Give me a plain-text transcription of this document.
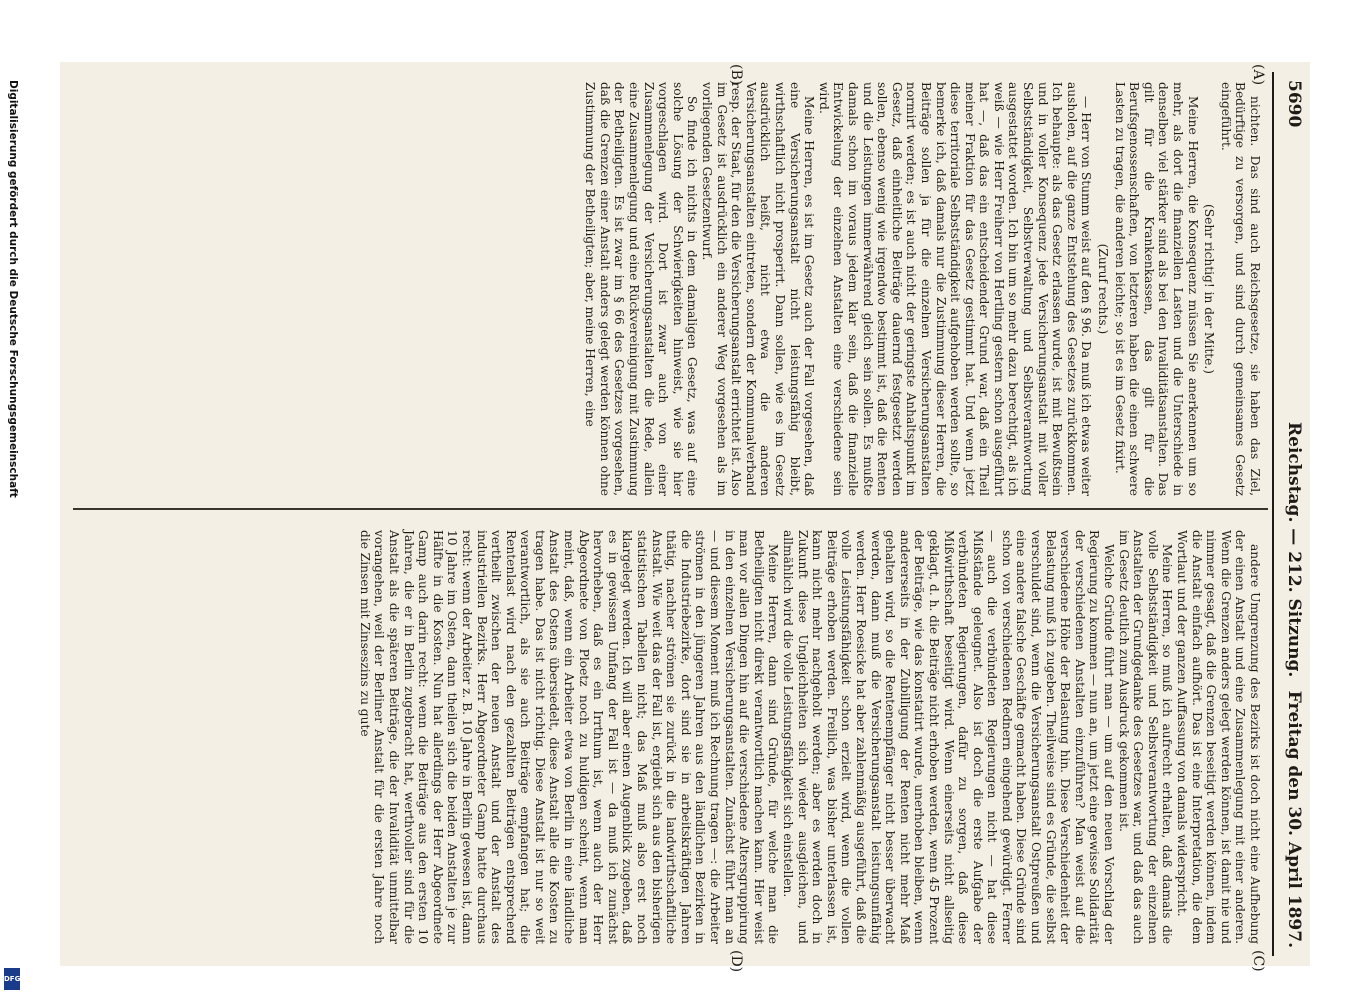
Digitalisierung gefördert durch die Deutsche Forschungsgemeinschaft
DFG
5690
Reichstag. — 212. Sitzung.
Freitag den 30. April 1897.
(A)
(B)
(C)
(D)

nichten. Das sind auch Reichsgesetze, sie haben das Ziel, Bedürftige zu versorgen, und sind durch gemeinsames Gesetz eingeführt.

(Sehr richtig! in der Mitte.)

Meine Herren, die Konsequenz müssen Sie anerkennen um so mehr, als dort die finanziellen Lasten und die Unterschiede in denselben viel stärker sind als bei den Invaliditätsanstalten. Das gilt für die Krankenkassen, das gilt für die Berufsgenossenschaften, von letzteren haben die einen schwere Lasten zu tragen, die anderen leichte; so ist es im Gesetz fixirt.

(Zuruf rechts.)

— Herr von Stumm weist auf den § 96. Da muß ich etwas weiter ausholen, auf die ganze Entstehung des Gesetzes zurückkommen. Ich behaupte: als das Gesetz erlassen wurde, ist mit Bewußtsein und in voller Konsequenz jede Versicherungsanstalt mit voller Selbstständigkeit, Selbstverwaltung und Selbstverantwortung ausgestattet worden. Ich bin um so mehr dazu berechtigt, als ich weiß — wie Herr Freiherr von Hertling gestern schon ausgeführt hat —, daß das ein entscheidender Grund war, daß ein Theil meiner Fraktion für das Gesetz gestimmt hat. Und wenn jetzt diese territoriale Selbstständigkeit aufgehoben werden sollte, so bemerke ich, daß damals nur die Zustimmung dieser Herren, die Beiträge sollen ja für die einzelnen Versicherungsanstalten normirt werden; es ist auch nicht der geringste Anhaltspunkt im Gesetz, daß einheitliche Beiträge dauernd festgesetzt werden sollen, ebenso wenig wie irgendwo bestimmt ist, daß die Renten und die Leistungen immerwährend gleich sein sollen. Es mußte damals schon im voraus jedem klar sein, daß die finanzielle Entwickelung der einzelnen Anstalten eine verschiedene sein wird.

Meine Herren, es ist im Gesetz auch der Fall vorgesehen, daß eine Versicherungsanstalt nicht leistungsfähig bleibt, wirthschaftlich nicht prosperirt. Dann sollen, wie es im Gesetz ausdrücklich heißt, nicht etwa die anderen Versicherungsanstalten eintreten, sondern der Kommunalverband resp. der Staat, für den die Versicherungsanstalt errichtet ist. Also im Gesetz ist ausdrücklich ein anderer Weg vorgesehen als im vorliegenden Gesetzentwurf.

So finde ich nichts in dem damaligen Gesetz, was auf eine solche Lösung der Schwierigkeiten hinweist, wie sie hier vorgeschlagen wird. Dort ist zwar auch von einer Zusammenlegung der Versicherungsanstalten die Rede, allein eine Zusammenlegung und eine Rückvereinigung mit Zustimmung der Betheiligten. Es ist zwar im § 66 des Gesetzes vorgesehen, daß die Grenzen einer Anstalt anders gelegt werden können ohne Zustimmung der Betheiligten; aber, meine Herren, eine

andere Umgrenzung des Bezirks ist doch nicht eine Aufhebung der einen Anstalt und eine Zusammenlegung mit einer anderen. Wenn die Grenzen anders gelegt werden können, ist damit nie und nimmer gesagt, daß die Grenzen beseitigt werden können, indem die Anstalt einfach aufhört. Das ist eine Interpretation, die dem Wortlaut und der ganzen Auffassung von damals widerspricht.

Meine Herren, so muß ich aufrecht erhalten, daß damals die volle Selbstständigkeit und Selbstverantwortung der einzelnen Anstalten der Grundgedanke des Gesetzes war, und daß das auch im Gesetz deutlich zum Ausdruck gekommen ist.

Welche Gründe führt man — um auf den neuen Vorschlag der Regierung zu kommen — nun an, um jetzt eine gewisse Solidarität der verschiedenen Anstalten einzuführen? Man weist auf die verschiedene Höhe der Belastung hin. Diese Verschiedenheit der Belastung muß ich zugeben. Theilweise sind es Gründe, die selbst verschuldet sind, wenn die Versicherungsanstalt Ostpreußen und eine andere falsche Geschäfte gemacht haben. Diese Gründe sind schon von verschiedenen Rednern eingehend gewürdigt. Ferner — auch die verbündeten Regierungen nicht — hat diese Mißstände geleugnet. Also ist doch die erste Aufgabe der verbündeten Regierungen, dafür zu sorgen, daß diese Mißwirthschaft beseitigt wird. Wenn einerseits nicht allseitig geklagt, d. h. die Beiträge nicht erhoben werden, wenn 45 Prozent der Beiträge, wie das konstatirt wurde, unerhoben bleiben, wenn andererseits in der Zubilligung der Renten nicht mehr Maß gehalten wird, so die Rentenempfänger nicht besser überwacht werden, dann muß die Versicherungsanstalt leistungsunfähig werden. Herr Roesicke hat aber zahlenmäßig ausgeführt, daß die volle Leistungsfähigkeit schon erzielt wird, wenn die vollen Beiträge erhoben werden. Freilich, was bisher unterlassen ist, kann nicht mehr nachgeholt werden; aber es werden doch in Zukunft diese Ungleichheiten sich wieder ausgleichen, und allmählich wird die volle Leistungsfähigkeit sich einstellen.

Meine Herren, dann sind Gründe, für welche man die Betheiligten nicht direkt verantwortlich machen kann. Hier weist man vor allen Dingen hin auf die verschiedene Altersgruppirung in den einzelnen Versicherungsanstalten. Zunächst führt man an — und diesem Moment muß ich Rechnung tragen —: die Arbeiter strömen in den jüngeren Jahren aus den ländlichen Bezirken in die Industriebezirke, dort sind sie in arbeitskräftigen Jahren thätig, nachher strömen sie zurück in die landwirthschaftliche Anstalt. Wie weit das der Fall ist, ergiebt sich aus den bisherigen statistischen Tabellen nicht; das Maß muß also erst noch klargelegt werden. Ich will aber einen Augenblick zugeben, daß es in gewissem Umfang der Fall ist — da muß ich zunächst hervorheben, daß es ein Irrthum ist, wenn auch der Herr Abgeordnete von Ploetz noch zu huldigen scheint, wenn man meint, daß, wenn ein Arbeiter etwa von Berlin in eine ländliche Anstalt des Ostens übersiedelt, diese Anstalt alle die Kosten zu tragen habe. Das ist nicht richtig. Diese Anstalt ist nur so weit verantwortlich, als sie auch Beiträge empfangen hat; die Rentenlast wird nach den gezahlten Beiträgen entsprechend vertheilt zwischen der neuen Anstalt und der Anstalt des industriellen Bezirks. Herr Abgeordneter Gamp hatte durchaus recht: wenn der Arbeiter z. B. 10 Jahre in Berlin gewesen ist, dann 10 Jahre im Osten, dann theilen sich die beiden Anstalten je zur Hälfte in die Kosten. Nun hat allerdings der Herr Abgeordnete Gamp auch darin recht: wenn die Beiträge aus den ersten 10 Jahren, die er in Berlin zugebracht hat, werthvoller sind für die Anstalt als die späteren Beiträge, die der Invalidität unmittelbar vorangehen, weil der Berliner Anstalt für die ersten Jahre noch die Zinsen mit Zinseszins zu gute
